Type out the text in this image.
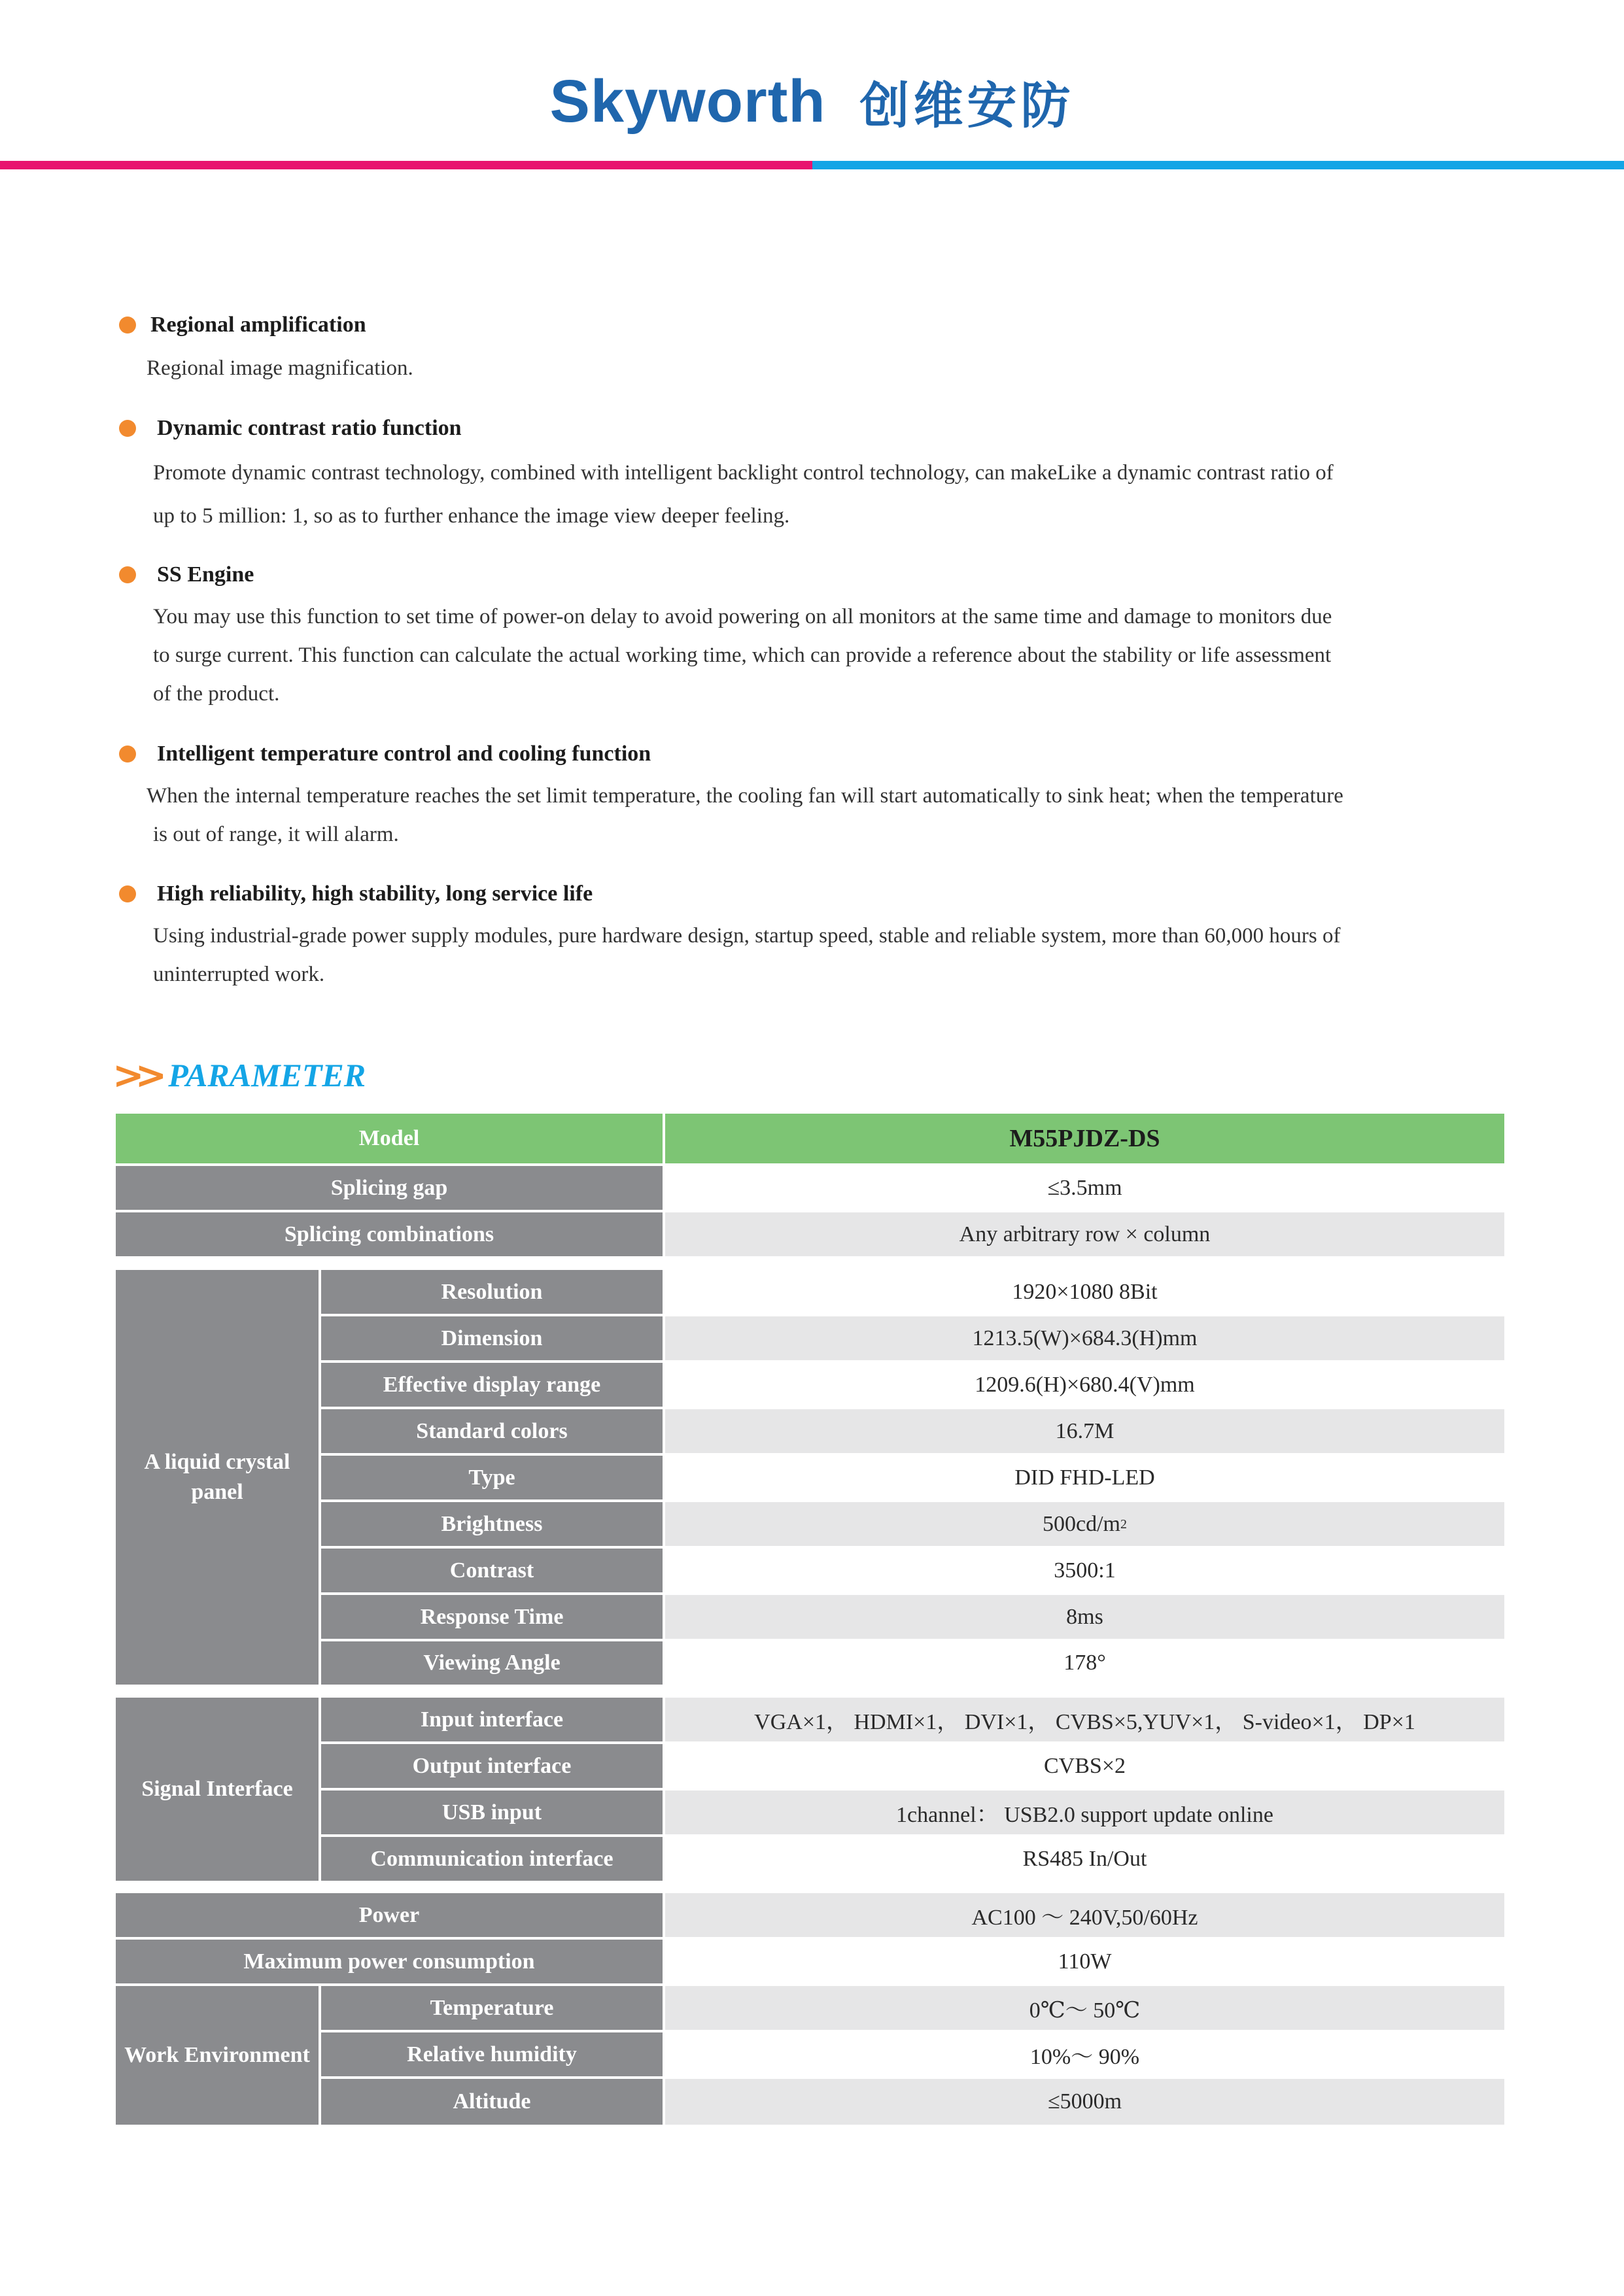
Skyworth 创维安防
Regional amplification
Regional image magnification.
Dynamic contrast ratio function
Promote dynamic contrast technology, combined with intelligent backlight control technology, can makeLike a dynamic contrast ratio of
up to 5 million: 1, so as to further enhance the image view deeper feeling.
SS Engine
You may use this function to set time of power-on delay to avoid powering on all monitors at the same time and damage to monitors due
to surge current. This function can calculate the actual working time, which can provide a reference about the stability or life assessment
of the product.
Intelligent temperature control and cooling function
When the internal temperature reaches the set limit temperature, the cooling fan will start automatically to sink heat; when the temperature
is out of range, it will alarm.
High reliability, high stability, long service life
Using industrial-grade power supply modules, pure hardware design, startup speed, stable and reliable system, more than 60,000 hours of
uninterrupted work.
>> PARAMETER
Model	M55PJDZ-DS
Splicing gap	≤3.5mm
Splicing combinations	Any arbitrary row × column
A liquid crystal panel
Resolution	1920×1080 8Bit
Dimension	1213.5(W)×684.3(H)mm
Effective display range	1209.6(H)×680.4(V)mm
Standard colors	16.7M
Type	DID FHD-LED
Brightness	500cd/m 2
Contrast	3500:1
Response Time	8ms
Viewing Angle	178°
Signal Interface
Input interface	VGA×1， HDMI×1， DVI×1， CVBS×5,YUV×1， S-video×1， DP×1
Output interface	CVBS×2
USB input	1channel： USB2.0 support update online
Communication interface	RS485 In/Out
Power	AC100 ～ 240V,50/60Hz
Maximum power consumption	110W
Work Environment
Temperature	0℃～ 50℃
Relative humidity	10%～ 90%
Altitude	≤5000m
